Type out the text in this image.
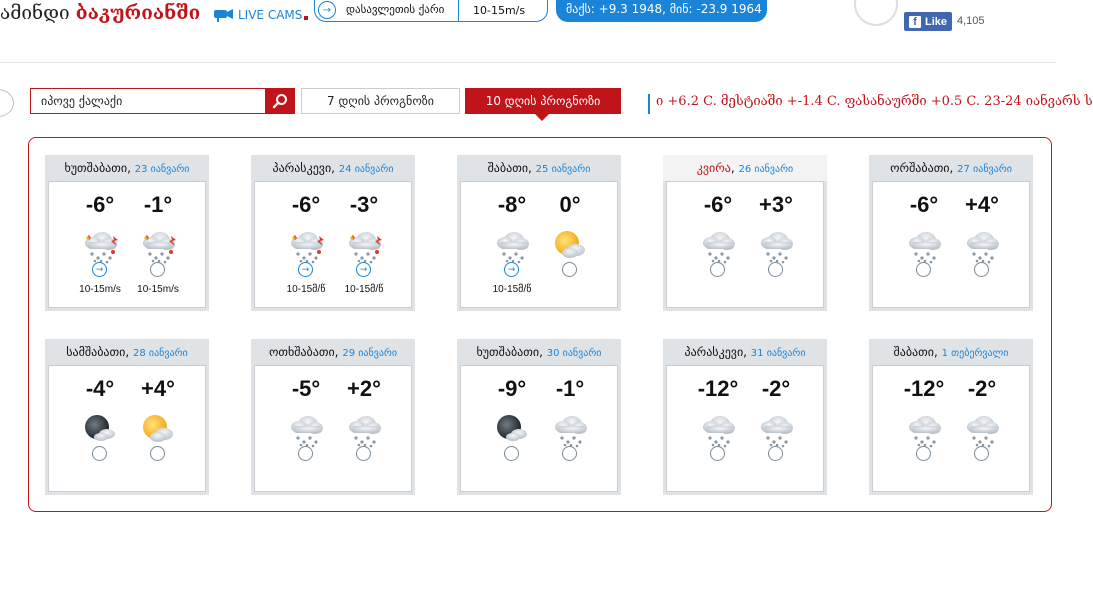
ამინდი ბაკურიანში	LIVE CAMS	→	დასავლეთის ქარი	10-15m/s	მაქს: +9.3 1948, მინ: -23.9 1964
f Like 4,105
იპოვე ქალაქი
7 დღის პროგნოზი	10 დღის პროგნოზი	ი +6.2 C. მესტიაში +-1.4 C. ფასანაურში +0.5 C. 23-24 იანვარს ს
ხუთშაბათი, 23 იანვარი
-6°	-1°
→
10-15m/s	10-15m/s
პარასკევი, 24 იანვარი
-6°	-3°
→	→
10-15მ/წ	10-15მ/წ
შაბათი, 25 იანვარი
-8°	0°
→
10-15მ/წ
კვირა, 26 იანვარი
-6°	+3°
ორშაბათი, 27 იანვარი
-6°	+4°
სამშაბათი, 28 იანვარი
-4°	+4°
ოთხშაბათი, 29 იანვარი
-5°	+2°
ხუთშაბათი, 30 იანვარი
-9°	-1°
პარასკევი, 31 იანვარი
-12°	-2°
შაბათი, 1 თებერვალი
-12°	-2°
